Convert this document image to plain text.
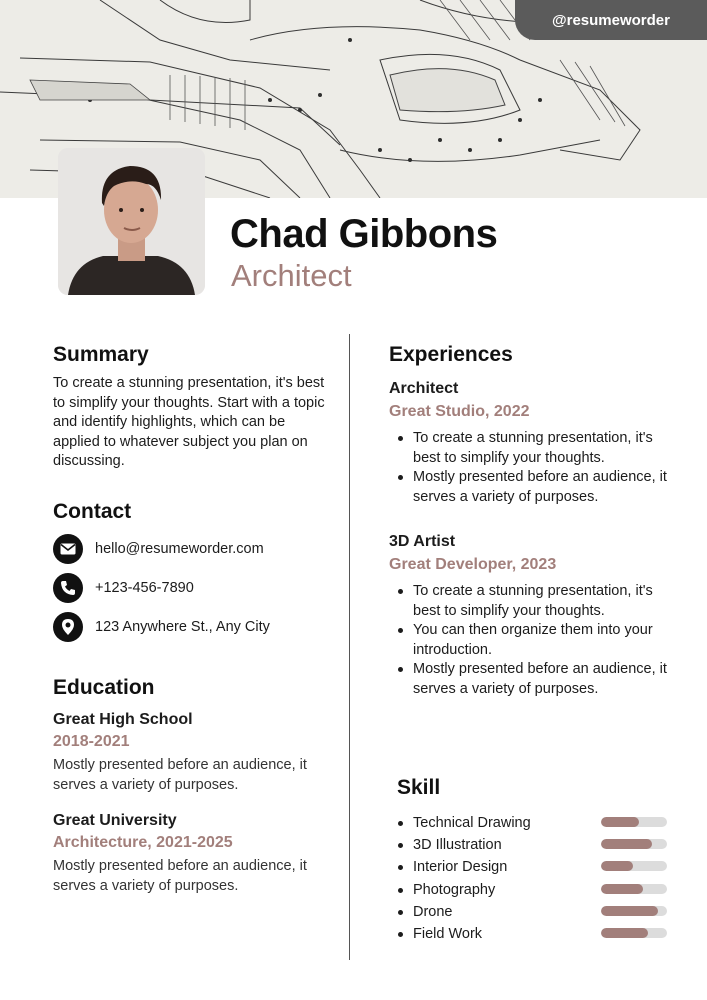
@resumeworder
Chad Gibbons
Architect
Summary

To create a stunning presentation, it's best to simplify your thoughts. Start with a topic and identify highlights, which can be applied to whatever subject you plan on discussing.

Contact
hello@resumeworder.com
+123-456-7890
123 Anywhere St., Any City
Education
Great High School
2018-2021

Mostly presented before an audience, it serves a variety of purposes.

Great University
Architecture, 2021-2025

Mostly presented before an audience, it serves a variety of purposes.

Experiences
Architect
Great Studio, 2022
To create a stunning presentation, it's best to simplify your thoughts.
Mostly presented before an audience, it serves a variety of purposes.
3D Artist
Great Developer, 2023
To create a stunning presentation, it's best to simplify your thoughts.
You can then organize them into your introduction.
Mostly presented before an audience, it serves a variety of purposes.
Skill
Technical Drawing
3D Illustration
Interior Design
Photography
Drone
Field Work
